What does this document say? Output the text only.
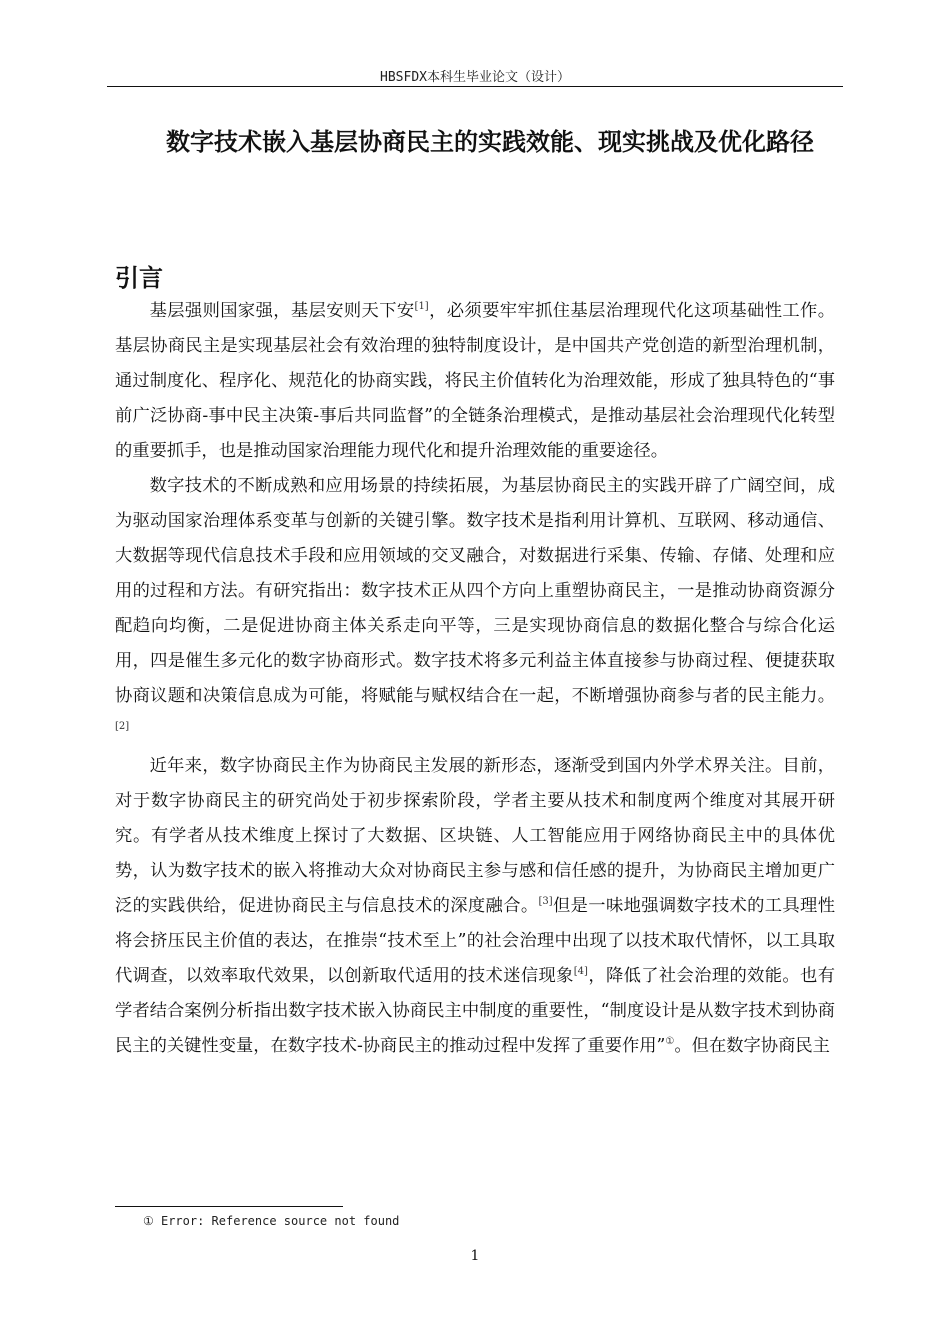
HBSFDX本科生毕业论文（设计）
数字技术嵌入基层协商民主的实践效能、现实挑战及优化路径
引言

基层强则国家强，基层安则天下安[1]，必须要牢牢抓住基层治理现代化这项基础性工作。基层协商民主是实现基层社会有效治理的独特制度设计，是中国共产党创造的新型治理机制，通过制度化、程序化、规范化的协商实践，将民主价值转化为治理效能，形成了独具特色的“事前广泛协商-事中民主决策-事后共同监督”的全链条治理模式，是推动基层社会治理现代化转型的重要抓手，也是推动国家治理能力现代化和提升治理效能的重要途径。

数字技术的不断成熟和应用场景的持续拓展，为基层协商民主的实践开辟了广阔空间，成为驱动国家治理体系变革与创新的关键引擎。数字技术是指利用计算机、互联网、移动通信、大数据等现代信息技术手段和应用领域的交叉融合，对数据进行采集、传输、存储、处理和应用的过程和方法。有研究指出：数字技术正从四个方向上重塑协商民主，一是推动协商资源分配趋向均衡，二是促进协商主体关系走向平等，三是实现协商信息的数据化整合与综合化运用，四是催生多元化的数字协商形式。数字技术将多元利益主体直接参与协商过程、便捷获取协商议题和决策信息成为可能，将赋能与赋权结合在一起，不断增强协商参与者的民主能力。[2]

近年来，数字协商民主作为协商民主发展的新形态，逐渐受到国内外学术界关注。目前，对于数字协商民主的研究尚处于初步探索阶段，学者主要从技术和制度两个维度对其展开研究。有学者从技术维度上探讨了大数据、区块链、人工智能应用于网络协商民主中的具体优势，认为数字技术的嵌入将推动大众对协商民主参与感和信任感的提升，为协商民主增加更广泛的实践供给，促进协商民主与信息技术的深度融合。[3]但是一味地强调数字技术的工具理性将会挤压民主价值的表达，在推崇“技术至上”的社会治理中出现了以技术取代情怀，以工具取代调查，以效率取代效果，以创新取代适用的技术迷信现象[4]，降低了社会治理的效能。也有学者结合案例分析指出数字技术嵌入协商民主中制度的重要性，“制度设计是从数字技术到协商民主的关键性变量，在数字技术-协商民主的推动过程中发挥了重要作用”①。但在数字协商民主

① Error: Reference source not found
1
